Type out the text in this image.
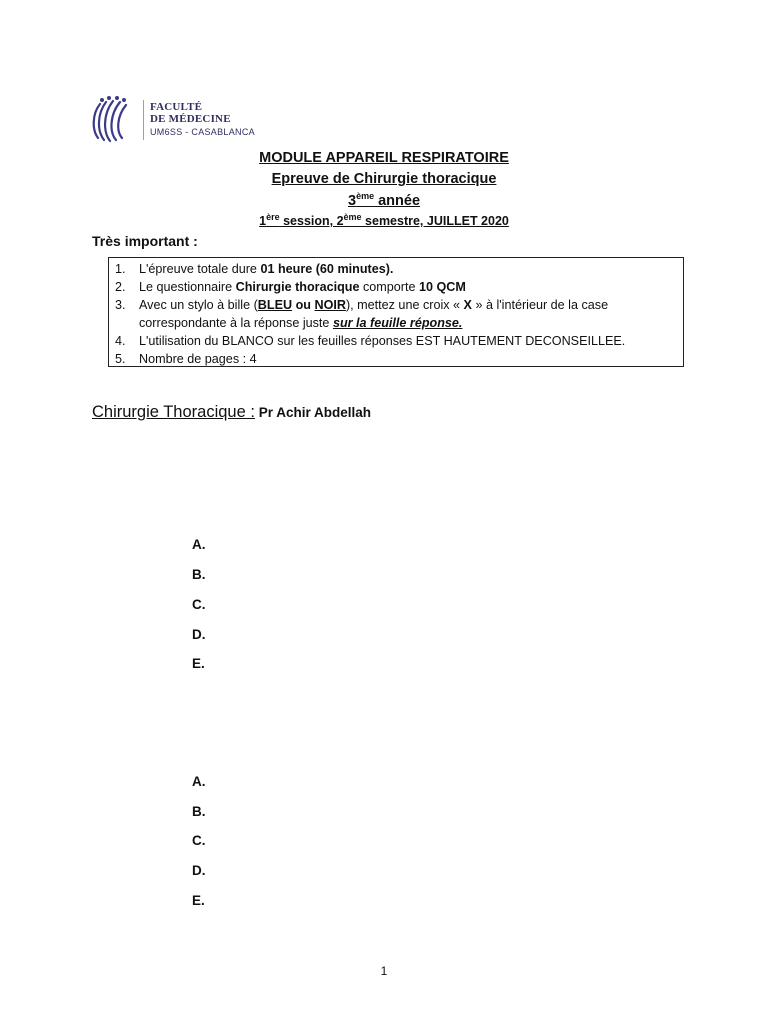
FACULTÉ
DE MÉDECINE
UM6SS - CASABLANCA
MODULE APPAREIL RESPIRATOIRE
Epreuve de Chirurgie thoracique
3ème année
1ère session, 2ème semestre, JUILLET 2020
Très important :
1. L'épreuve totale dure 01 heure (60 minutes).
2. Le questionnaire Chirurgie thoracique comporte 10 QCM
3. Avec un stylo à bille (BLEU ou NOIR), mettez une croix « X » à l'intérieur de la case
correspondante à la réponse juste sur la feuille réponse.
4. L'utilisation du BLANCO sur les feuilles réponses EST HAUTEMENT DECONSEILLEE.
5. Nombre de pages : 4
Chirurgie Thoracique : Pr Achir Abdellah
A.
B.
C.
D.
E.
A.
B.
C.
D.
E.
1
